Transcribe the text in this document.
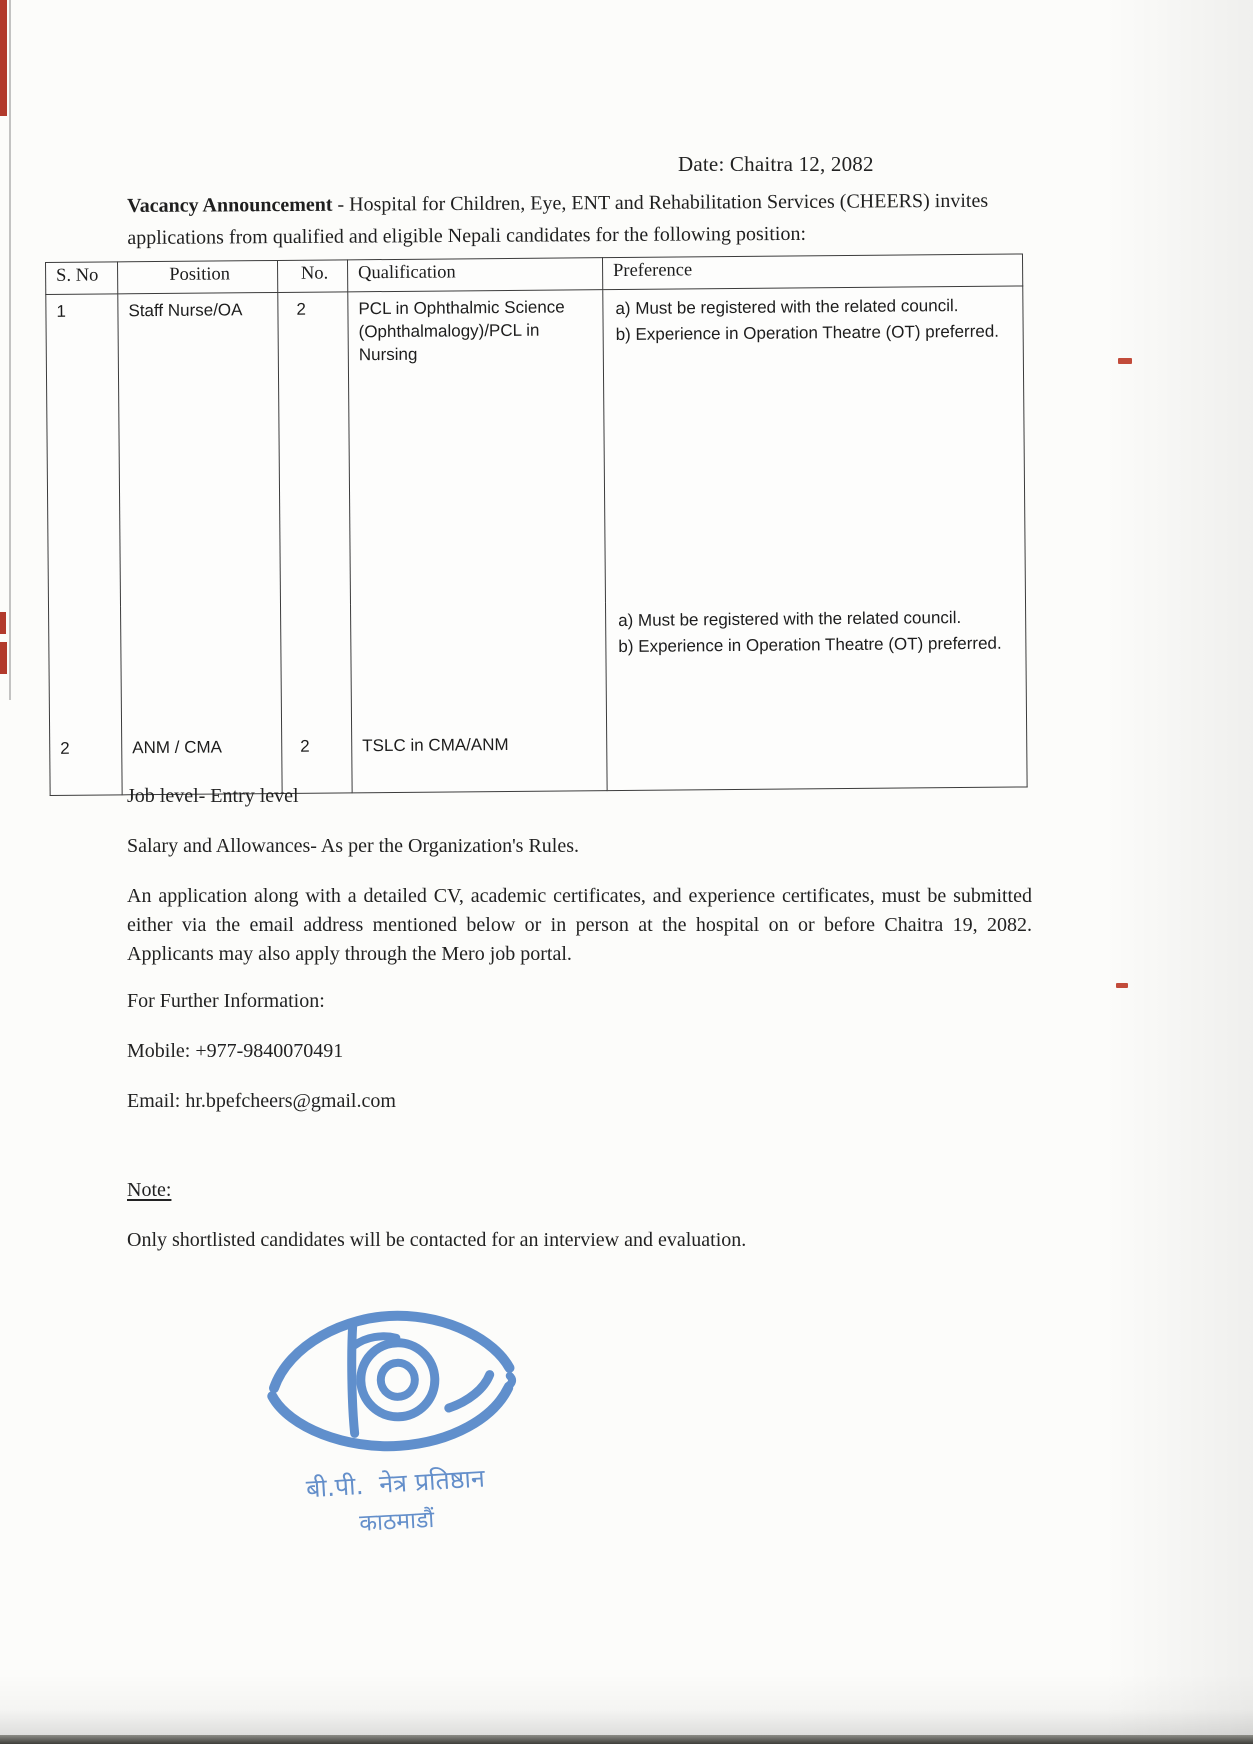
Date: Chaitra 12, 2082
Vacancy Announcement - Hospital for Children, Eye, ENT and Rehabilitation Services (CHEERS) invites applications from qualified and eligible Nepali candidates for the following position:
S. No	Position	No.	Qualification	Preference
1	Staff Nurse/OA	2	PCL in Ophthalmic Science (Ophthalmalogy)/PCL in Nursing	a) Must be registered with the related council.

b) Experience in Operation Theatre (OT) preferred.

2	ANM / CMA	2	TSLC in CMA/ANM	a) Must be registered with the related council.

b) Experience in Operation Theatre (OT) preferred.

Job level- Entry level

Salary and Allowances- As per the Organization's Rules.

An application along with a detailed CV, academic certificates, and experience certificates, must be submitted either via the email address mentioned below or in person at the hospital on or before Chaitra 19, 2082. Applicants may also apply through the Mero job portal.

For Further Information:

Mobile: +977-9840070491

Email: hr.bpefcheers@gmail.com

Note:

Only shortlisted candidates will be contacted for an interview and evaluation.

बी.पी.  नेत्र प्रतिष्ठान
काठमाडौं
